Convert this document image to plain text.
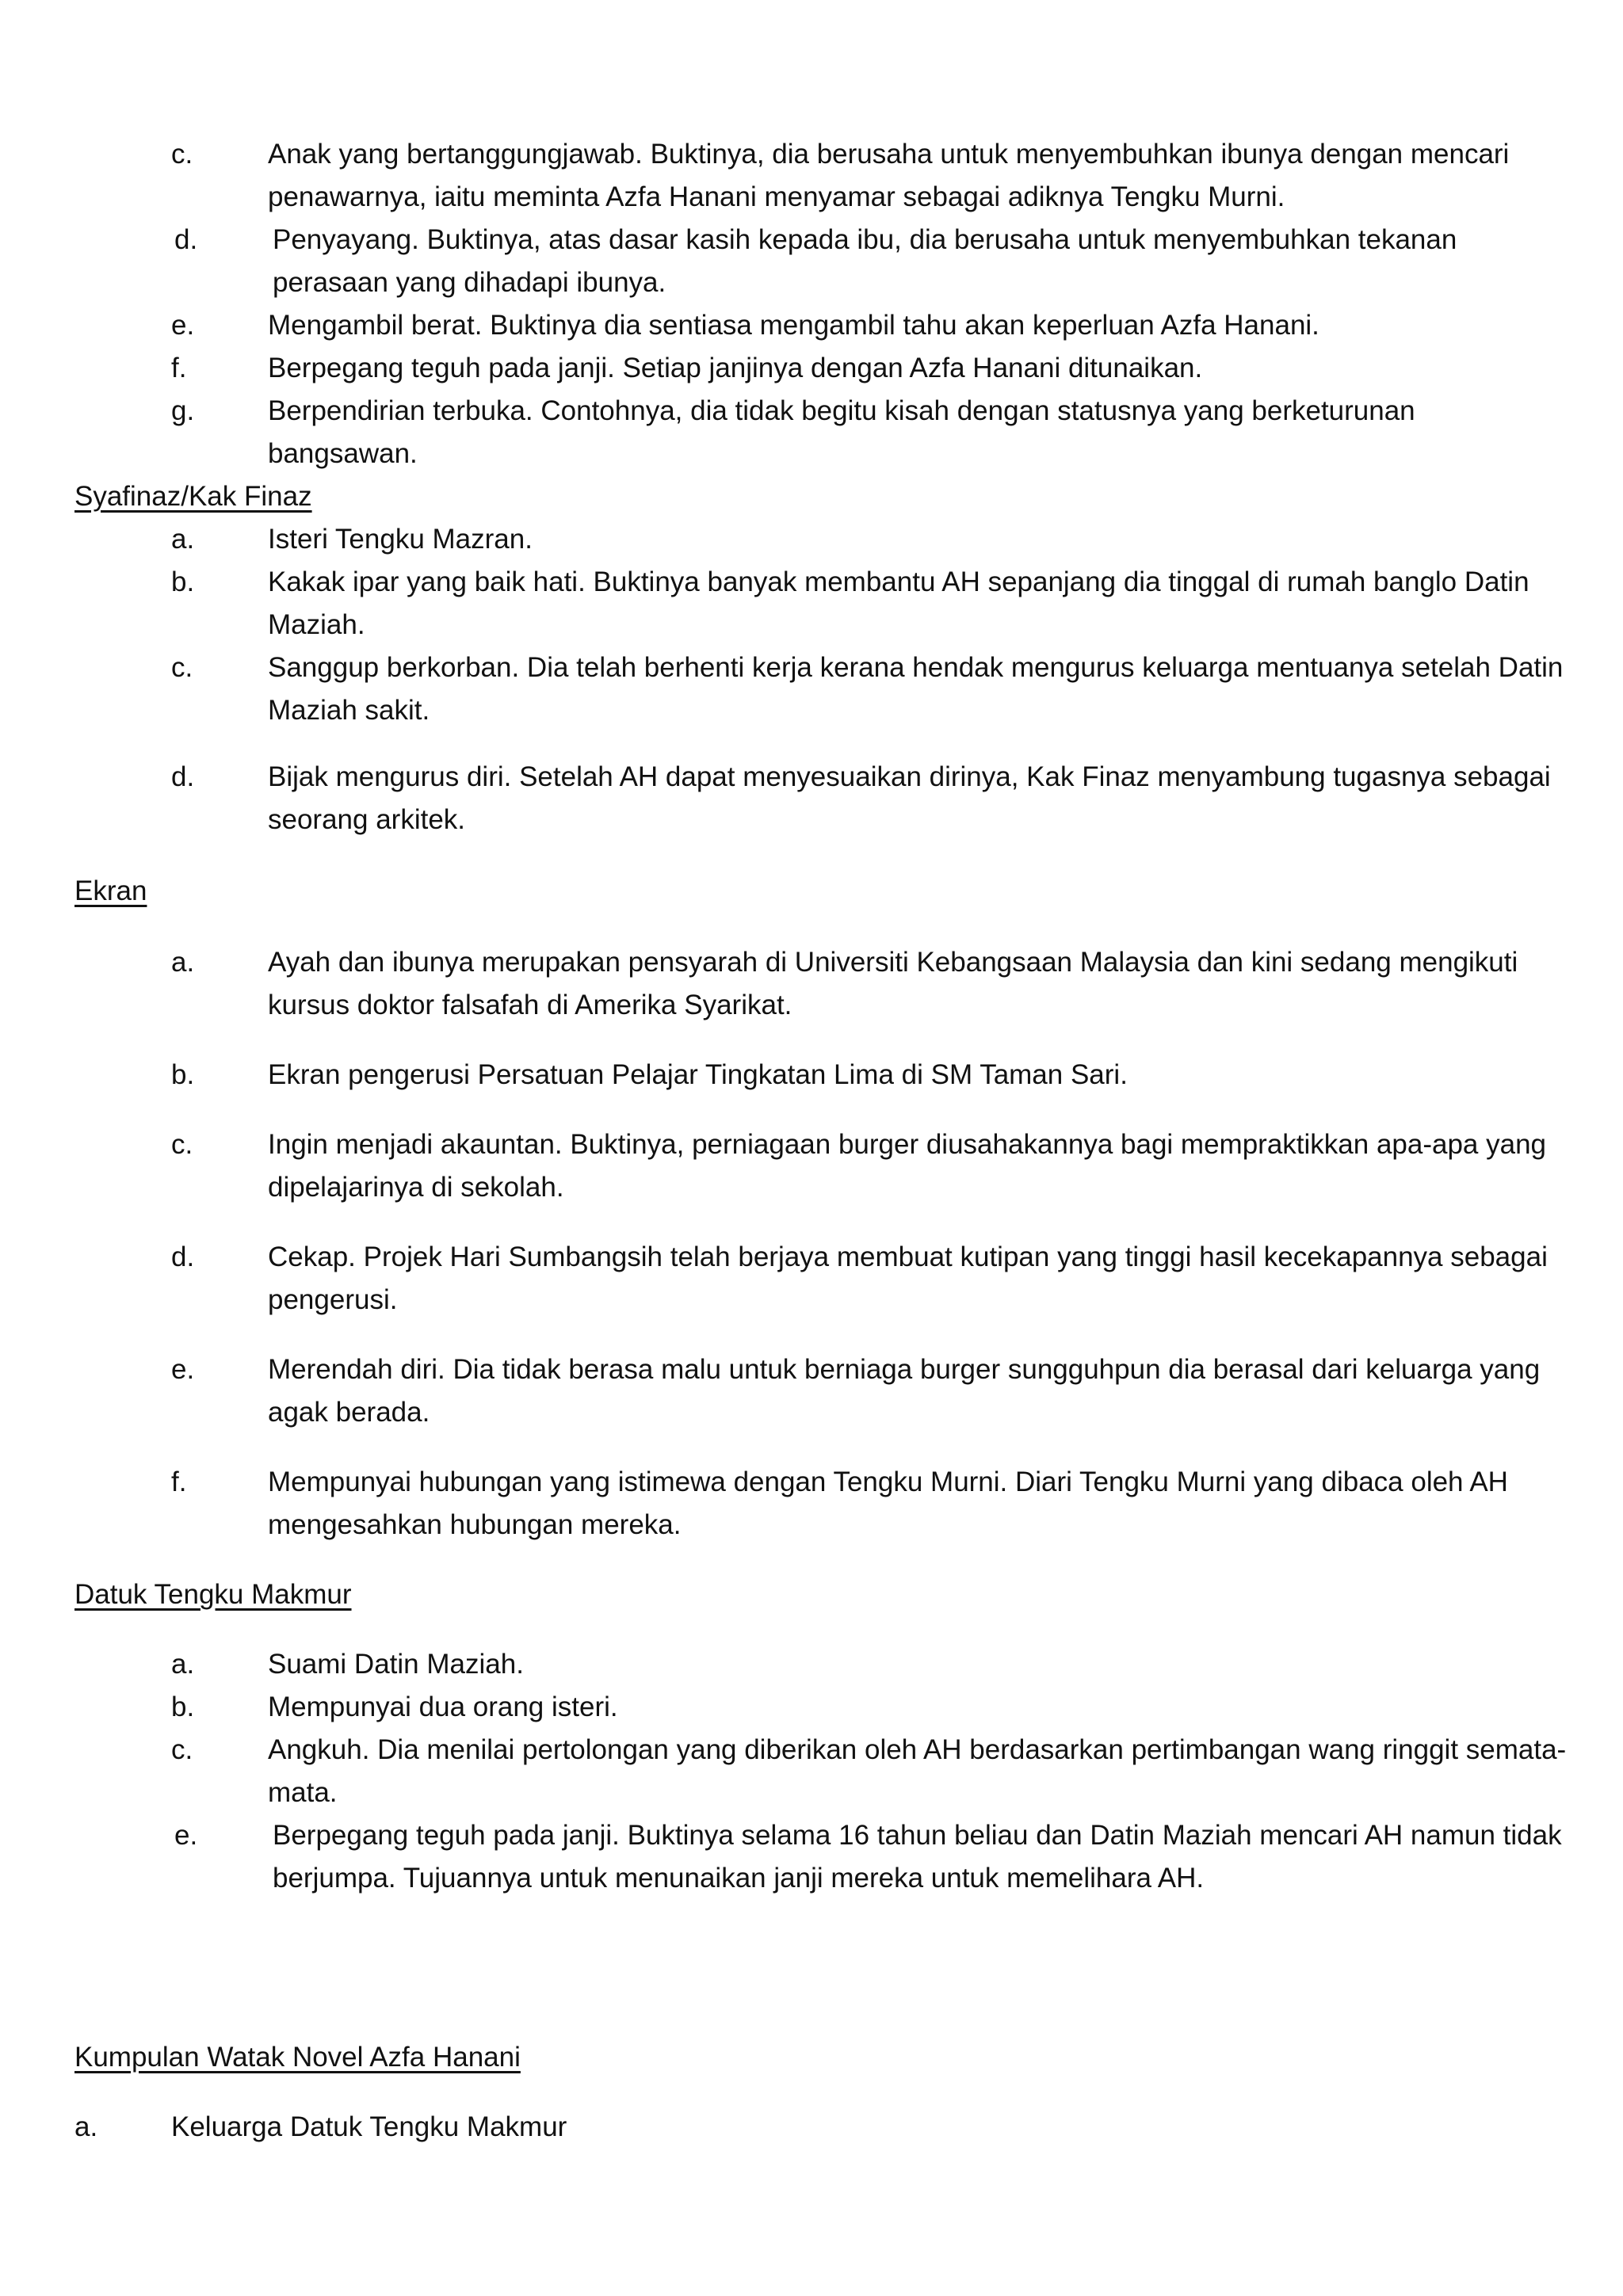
c.	Anak yang bertanggungjawab. Buktinya, dia berusaha untuk menyembuhkan ibunya dengan mencari penawarnya, iaitu meminta Azfa Hanani menyamar sebagai adiknya Tengku Murni.
d.	Penyayang. Buktinya, atas dasar kasih kepada ibu, dia berusaha untuk menyembuhkan tekanan perasaan yang dihadapi ibunya.
e.	Mengambil berat. Buktinya dia sentiasa mengambil tahu akan keperluan Azfa Hanani.
f.	Berpegang teguh pada janji. Setiap janjinya dengan Azfa Hanani ditunaikan.
g.	Berpendirian terbuka. Contohnya, dia tidak begitu kisah dengan statusnya yang berketurunan bangsawan.
Syafinaz/Kak Finaz
a.	Isteri Tengku Mazran.
b.	Kakak ipar yang baik hati. Buktinya banyak membantu AH sepanjang dia tinggal di rumah banglo Datin Maziah.
c.	Sanggup berkorban. Dia telah berhenti kerja kerana hendak mengurus keluarga mentuanya setelah Datin Maziah sakit.
d.	Bijak mengurus diri. Setelah AH dapat menyesuaikan dirinya, Kak Finaz menyambung tugasnya sebagai seorang arkitek.
Ekran
a.	Ayah dan ibunya merupakan pensyarah di Universiti Kebangsaan Malaysia dan kini sedang mengikuti kursus doktor falsafah di Amerika Syarikat.
b.	Ekran pengerusi Persatuan Pelajar Tingkatan Lima di SM Taman Sari.
c.	Ingin menjadi akauntan. Buktinya, perniagaan burger diusahakannya bagi mempraktikkan apa-apa yang dipelajarinya di sekolah.
d.	Cekap. Projek Hari Sumbangsih telah berjaya membuat kutipan yang tinggi hasil kecekapannya sebagai pengerusi.
e.	Merendah diri. Dia tidak berasa malu untuk berniaga burger sungguhpun dia berasal dari keluarga yang agak berada.
f.	Mempunyai hubungan yang istimewa dengan Tengku Murni. Diari Tengku Murni yang dibaca oleh AH mengesahkan hubungan mereka.
Datuk Tengku Makmur
a.	Suami Datin Maziah.
b.	Mempunyai dua orang isteri.
c.	Angkuh. Dia menilai pertolongan yang diberikan oleh AH berdasarkan pertimbangan wang ringgit semata-mata.
e.	Berpegang teguh pada janji. Buktinya selama 16 tahun beliau dan Datin Maziah mencari AH namun tidak berjumpa. Tujuannya untuk menunaikan janji mereka untuk memelihara AH.
Kumpulan Watak Novel Azfa Hanani
a.	Keluarga Datuk Tengku Makmur
